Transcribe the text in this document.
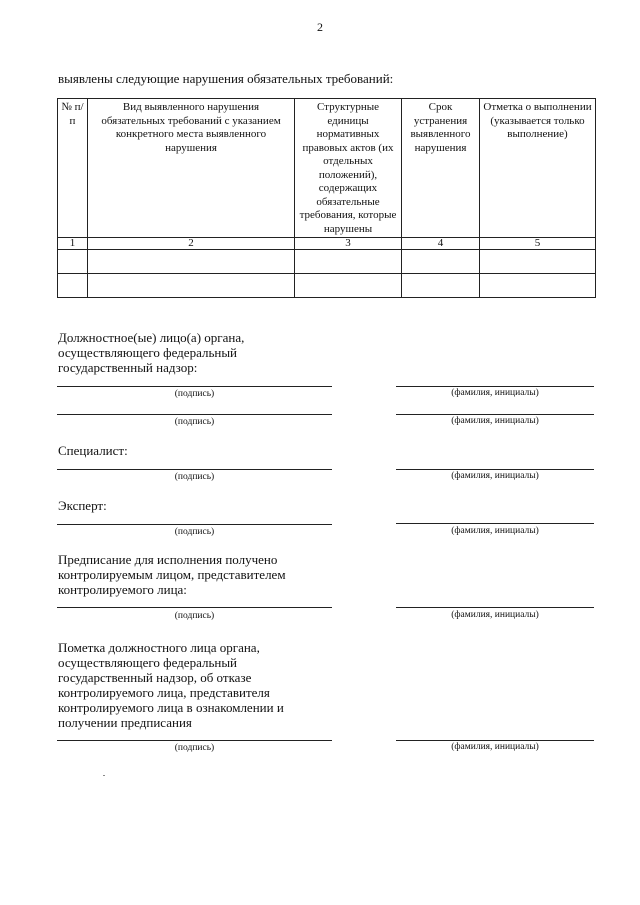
2
выявлены следующие нарушения обязательных требований:
№ п/п	Вид выявленного нарушения обязательных требований с указанием конкретного места выявленного нарушения	Структурные единицы нормативных правовых актов (их отдельных положений), содержащих обязательные требования, которые нарушены	Срок устранения выявленного нарушения	Отметка о выполнении (указывается только выполнение)
1	2	3	4	5

Должностное(ые) лицо(а) органа, осуществляющего федеральный государственный надзор:
(подпись)	(фамилия, инициалы)
(подпись)	(фамилия, инициалы)
Специалист:
(подпись)	(фамилия, инициалы)
Эксперт:
(подпись)	(фамилия, инициалы)
Предписание для исполнения получено контролируемым лицом, представителем контролируемого лица:
(подпись)	(фамилия, инициалы)
Пометка должностного лица органа, осуществляющего федеральный государственный надзор, об отказе контролируемого лица, представителя контролируемого лица в ознакомлении и получении предписания
(подпись)	(фамилия, инициалы)
